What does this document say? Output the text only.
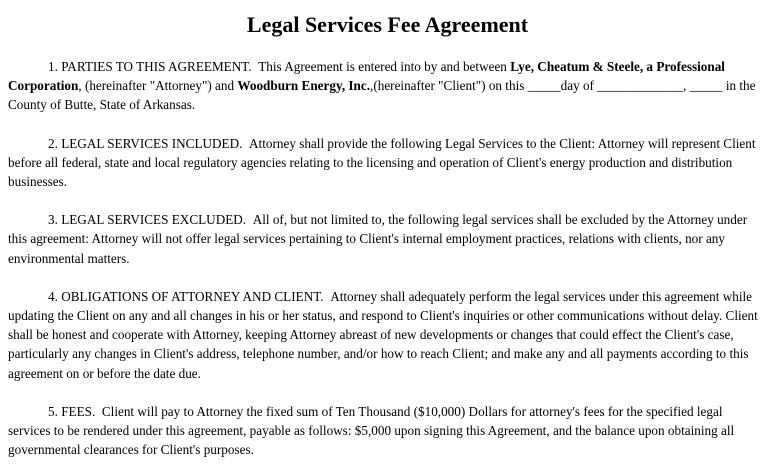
Legal Services Fee Agreement

1. PARTIES TO THIS AGREEMENT. This Agreement is entered into by and between Lye, Cheatum & Steele, a Professional Corporation, (hereinafter "Attorney") and Woodburn Energy, Inc.,(hereinafter "Client") on this _____day of _____________, _____ in the County of Butte, State of Arkansas.

2. LEGAL SERVICES INCLUDED. Attorney shall provide the following Legal Services to the Client: Attorney will represent Client before all federal, state and local regulatory agencies relating to the licensing and operation of Client's energy production and distribution businesses.

3. LEGAL SERVICES EXCLUDED. All of, but not limited to, the following legal services shall be excluded by the Attorney under this agreement: Attorney will not offer legal services pertaining to Client's internal employment practices, relations with clients, nor any environmental matters.

4. OBLIGATIONS OF ATTORNEY AND CLIENT. Attorney shall adequately perform the legal services under this agreement while updating the Client on any and all changes in his or her status, and respond to Client's inquiries or other communications without delay. Client shall be honest and cooperate with Attorney, keeping Attorney abreast of new developments or changes that could effect the Client's case, particularly any changes in Client's address, telephone number, and/or how to reach Client; and make any and all payments according to this agreement on or before the date due.

5. FEES. Client will pay to Attorney the fixed sum of Ten Thousand ($10,000) Dollars for attorney's fees for the specified legal services to be rendered under this agreement, payable as follows: $5,000 upon signing this Agreement, and the balance upon obtaining all governmental clearances for Client's purposes.
